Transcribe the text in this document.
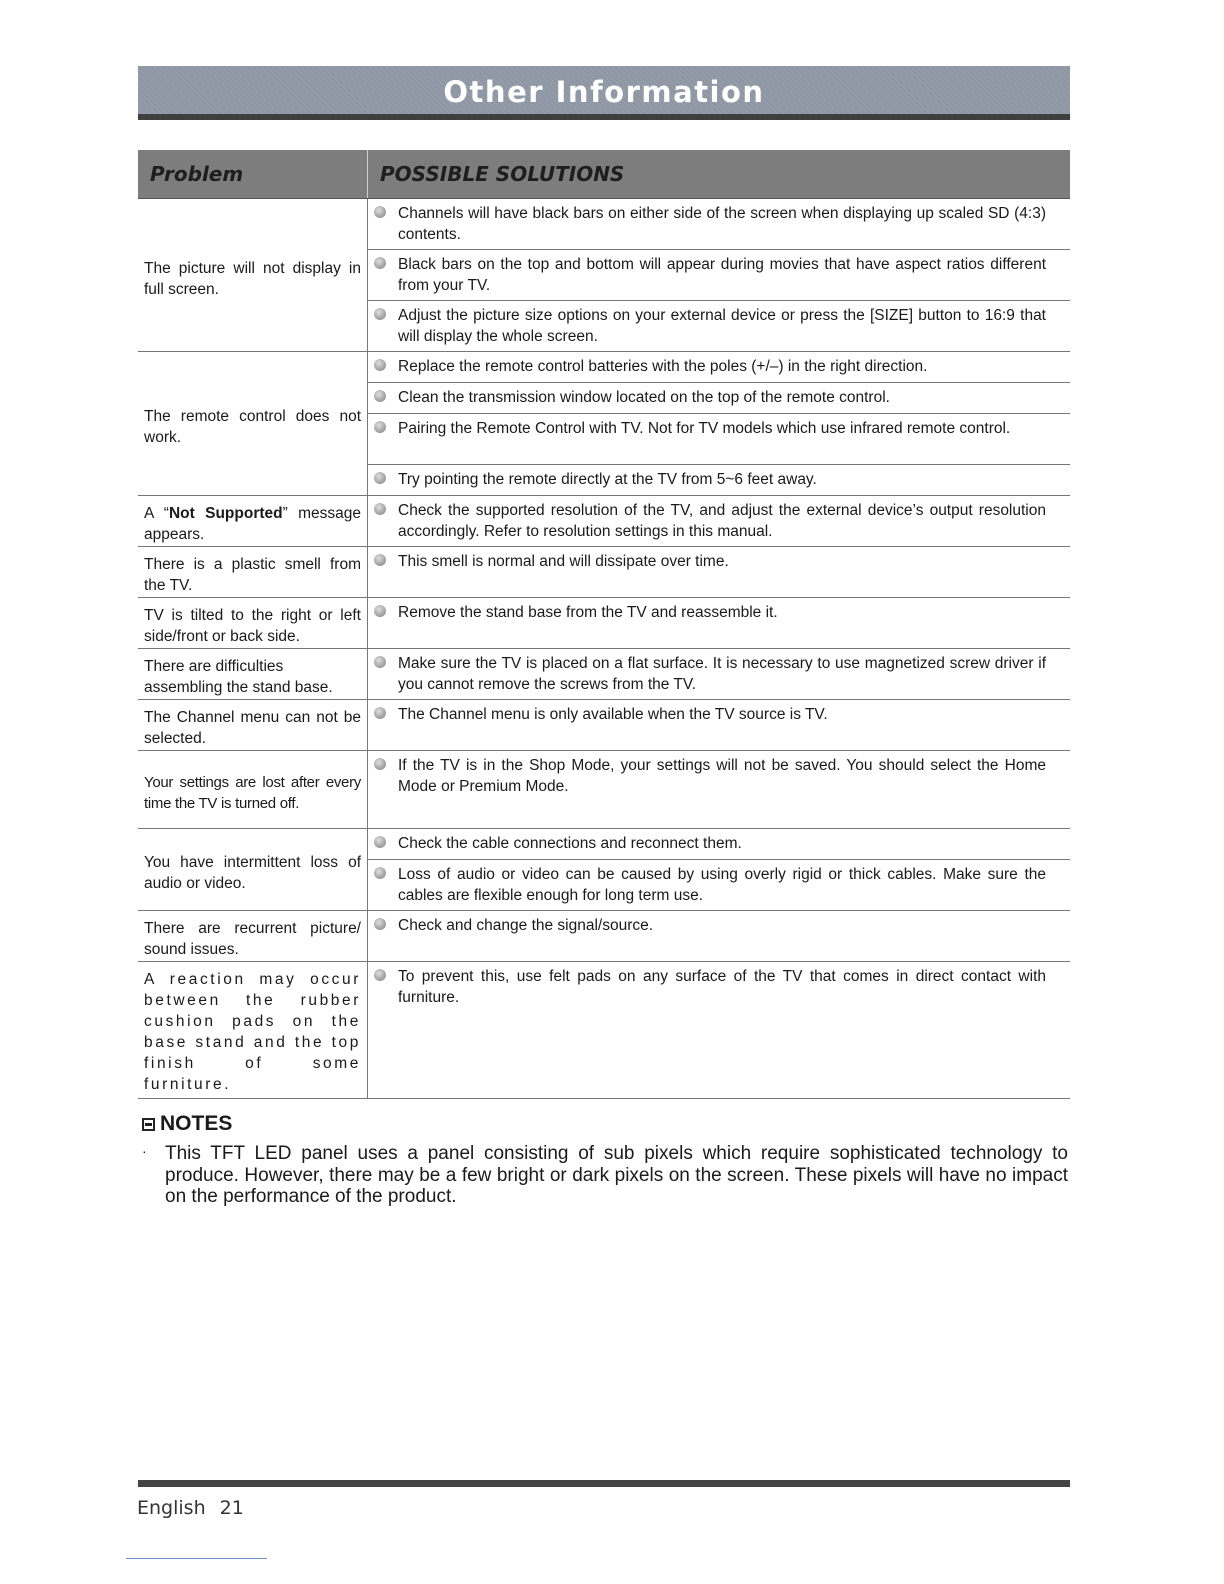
Other Information
Problem	POSSIBLE SOLUTIONS
The picture will not display in full screen.	Channels will have black bars on either side of the screen when displaying up scaled SD (4:3) contents.

Black bars on the top and bottom will appear during movies that have aspect ratios different from your TV.

Adjust the picture size options on your external device or press the [SIZE] button to 16:9 that will display the whole screen.
The remote control does not work.	Replace the remote control batteries with the poles (+/–) in the right direction.

Clean the transmission window located on the top of the remote control.

Pairing the Remote Control with TV. Not for TV models which use infrared remote control.

Try pointing the remote directly at the TV from 5~6 feet away.
A “Not Supported” message appears.	Check the supported resolution of the TV, and adjust the external device’s output resolution accordingly. Refer to resolution settings in this manual.
There is a plastic smell from the TV.	This smell is normal and will dissipate over time.
TV is tilted to the right or left side/front or back side.	Remove the stand base from the TV and reassemble it.
There are difficulties assembling the stand base.	Make sure the TV is placed on a flat surface. It is necessary to use magnetized screw driver if you cannot remove the screws from the TV.
The Channel menu can not be selected.	The Channel menu is only available when the TV source is TV.
Your settings are lost after every time the TV is turned off.	If the TV is in the Shop Mode, your settings will not be saved. You should select the Home Mode or Premium Mode.
You have intermittent loss of audio or video.	Check the cable connections and reconnect them.

Loss of audio or video can be caused by using overly rigid or thick cables. Make sure the cables are flexible enough for long term use.
There are recurrent picture/ sound issues.	Check and change the signal/source.
A reaction may occur between the rubber cushion pads on the base stand and the top finish of some furniture.	To prevent this, use felt pads on any surface of the TV that comes in direct contact with furniture.
NOTES
· This TFT LED panel uses a panel consisting of sub pixels which require sophisticated technology to produce. However, there may be a few bright or dark pixels on the screen. These pixels will have no impact on the performance of the product.
English 21
